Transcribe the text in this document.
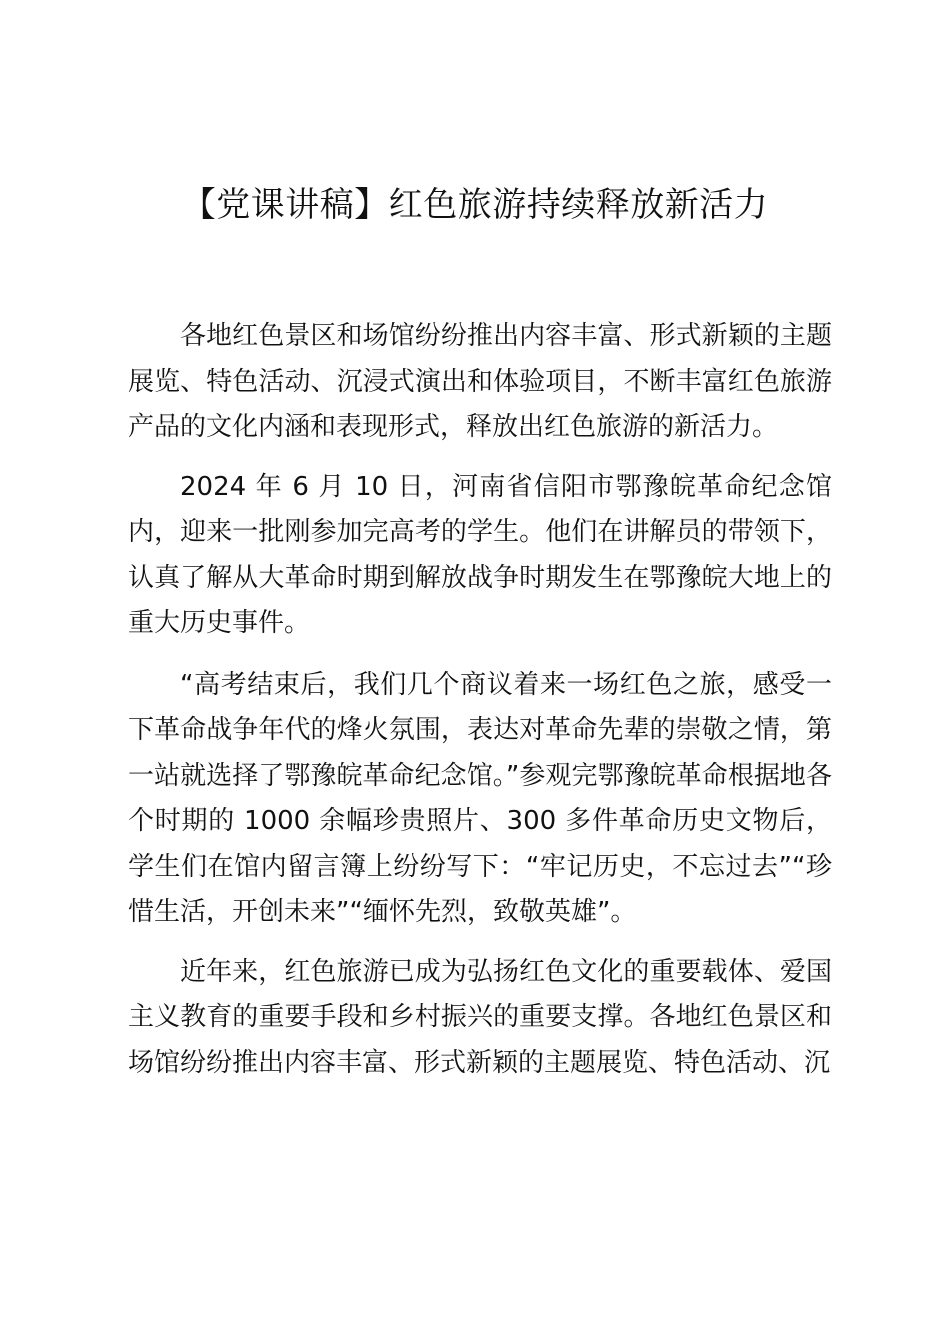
【党课讲稿】红色旅游持续释放新活力

各地红色景区和场馆纷纷推出内容丰富、形式新颖的主题展览、特色活动、沉浸式演出和体验项目，不断丰富红色旅游产品的文化内涵和表现形式，释放出红色旅游的新活力。

2024 年 6 月 10 日，河南省信阳市鄂豫皖革命纪念馆内，迎来一批刚参加完高考的学生。他们在讲解员的带领下，认真了解从大革命时期到解放战争时期发生在鄂豫皖大地上的重大历史事件。

“高考结束后，我们几个商议着来一场红色之旅，感受一下革命战争年代的烽火氛围，表达对革命先辈的崇敬之情，第一站就选择了鄂豫皖革命纪念馆。”参观完鄂豫皖革命根据地各个时期的 1000 余幅珍贵照片、300 多件革命历史文物后，学生们在馆内留言簿上纷纷写下：“牢记历史，不忘过去”“珍惜生活，开创未来”“缅怀先烈，致敬英雄”。

近年来，红色旅游已成为弘扬红色文化的重要载体、爱国主义教育的重要手段和乡村振兴的重要支撑。各地红色景区和场馆纷纷推出内容丰富、形式新颖的主题展览、特色活动、沉
